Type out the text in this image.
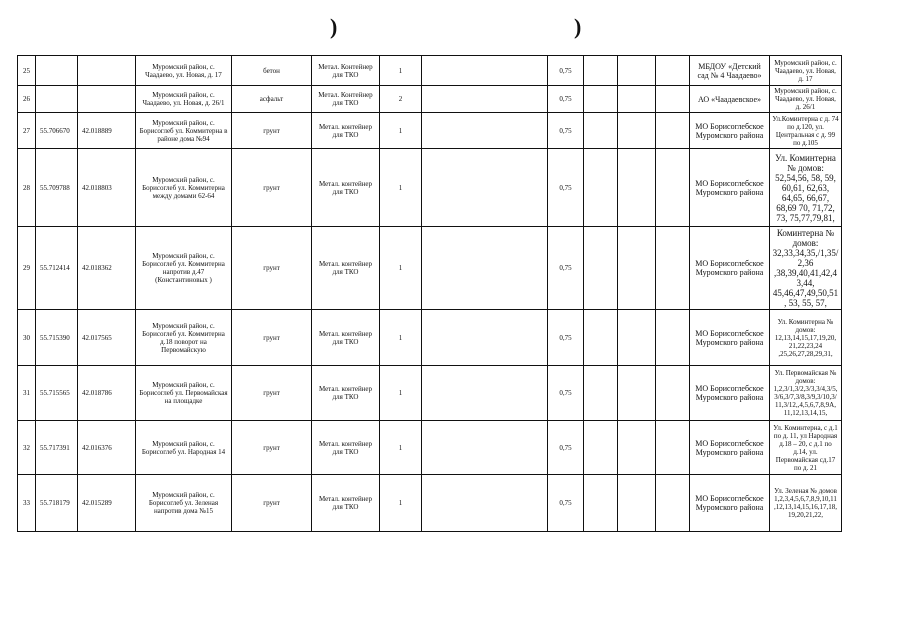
)	)
25			Муромский район, с. Чаадаево, ул. Новая, д. 17	бетон	Метал. Контейнер для ТКО	1		0,75				МБДОУ «Детский сад № 4 Чаадаево»	Муромский район, с. Чаадаево, ул. Новая, д. 17
26			Муромский район, с. Чаадаево, ул. Новая, д. 26/1	асфальт	Метал. Контейнер для ТКО	2		0,75				АО «Чаадаевское»	Муромский район, с. Чаадаево, ул. Новая, д. 26/1
27	55.706670	42.018889	Муромский район, с. Борисоглеб ул. Коммитерна в районе дома №94	грунт	Метал. контейнер для ТКО	1		0,75				МО Борисоглебское Муромского района	Ул.Коминтерна с д. 74 по д.120, ул. Центральная с д. 99 по д.105
28	55.709788	42.018803	Муромский район, с. Борисоглеб ул. Коммитерна между домами 62-64	грунт	Метал. контейнер для ТКО	1		0,75				МО Борисоглебское Муромского района	Ул. Коминтерна № домов: 52,54,56, 58, 59, 60,61, 62,63, 64,65, 66,67, 68,69 70, 71,72, 73, 75,77,79,81,
29	55.712414	42.018362	Муромский район, с. Борисоглеб ул. Коммитерна напротив д.47 (Константиновых )	грунт	Метал. контейнер для ТКО	1		0,75				МО Борисоглебское Муромского района	Коминтерна № домов: 32,33,34,35,/1,35/2,36 ,38,39,40,41,42,43,44, 45,46,47,49,50,51, 53, 55, 57,
30	55.715390	42.017565	Муромский район, с. Борисоглеб ул. Коммитерна д.18 поворот на Первомайскую	грунт	Метал. контейнер для ТКО	1		0,75				МО Борисоглебское Муромского района	Ул. Коминтерна № домов: 12,13,14,15,17,19,20, 21,22,23,24 ,25,26,27,28,29,31,
31	55.715565	42.018786	Муромский район, с. Борисоглеб ул. Первомайская на площадке	грунт	Метал. контейнер для ТКО	1		0,75				МО Борисоглебское Муромского района	Ул. Первомайская № домов: 1,2,3/1,3/2,3/3,3/4,3/5, 3/6,3/7,3/8,3/9,3/10,3/ 11,3/12,,4,5,6,7,8,9А, 11,12,13,14,15,
32	55.717391	42.016376	Муромский район, с. Борисоглеб ул. Народная 14	грунт	Метал. контейнер для ТКО	1		0,75				МО Борисоглебское Муромского района	Ул. Коминтерна, с д.1 по д. 11, ул Народная д.18 – 20, с д.1 по д.14, ул. Первомайская сд.17 по д. 21
33	55.718179	42.015289	Муромский район, с. Борисоглеб ул. Зеленая напротив дома №15	грунт	Метал. контейнер для ТКО	1		0,75				МО Борисоглебское Муромского района	Ул. Зеленая № домов 1,2,3,4,5,6,7,8,9,10,11 ,12,13,14,15,16,17,18, 19,20,21,22,
